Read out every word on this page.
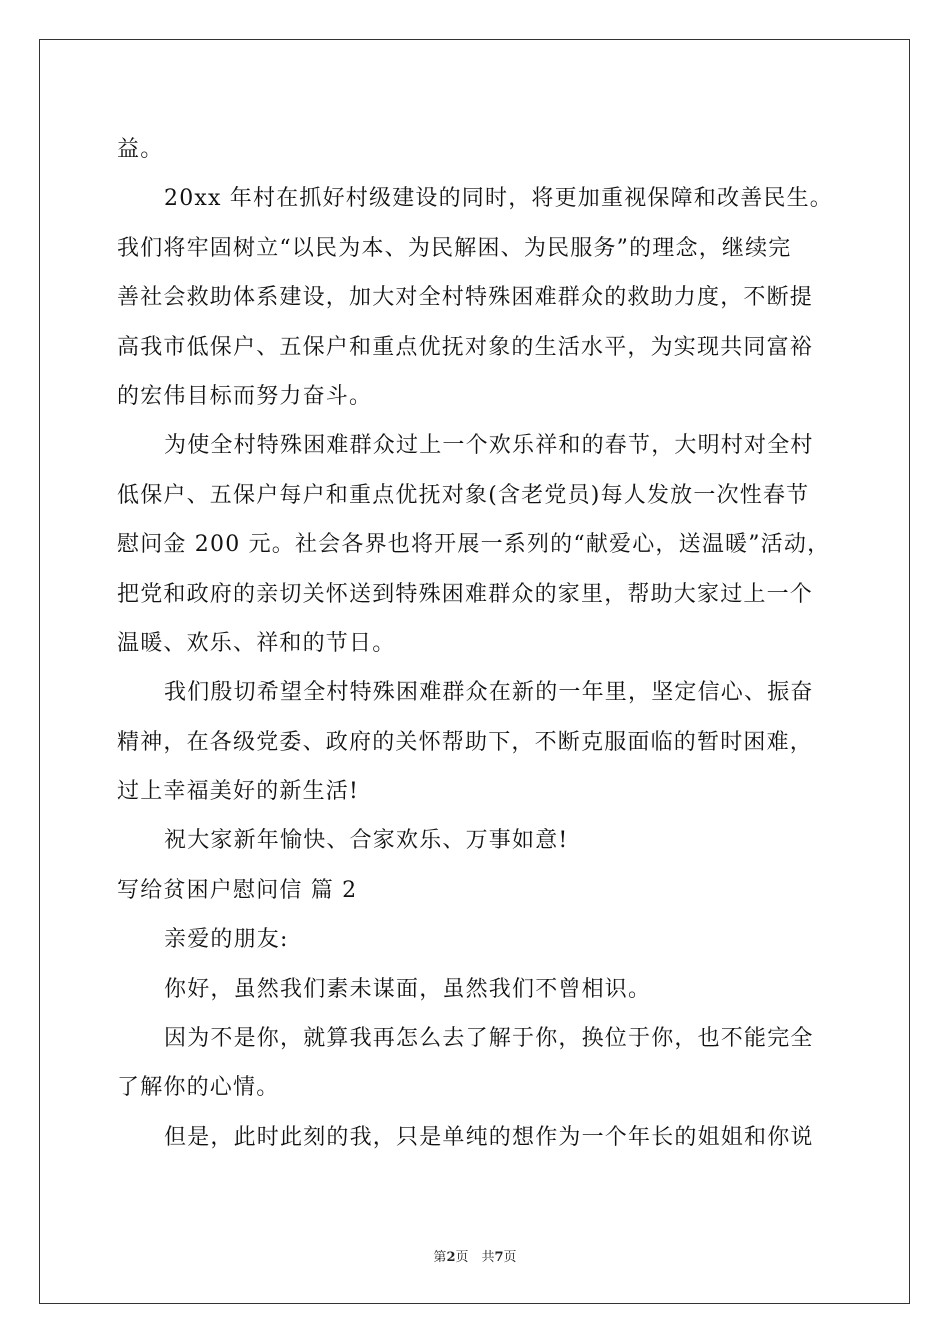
益。
20xx 年村在抓好村级建设的同时，将更加重视保障和改善民生。
我们将牢固树立“以民为本、为民解困、为民服务”的理念，继续完
善社会救助体系建设，加大对全村特殊困难群众的救助力度，不断提
高我市低保户、五保户和重点优抚对象的生活水平，为实现共同富裕
的宏伟目标而努力奋斗。
为使全村特殊困难群众过上一个欢乐祥和的春节，大明村对全村
低保户、五保户每户和重点优抚对象(含老党员)每人发放一次性春节
慰问金 200 元。社会各界也将开展一系列的“献爱心，送温暖”活动，
把党和政府的亲切关怀送到特殊困难群众的家里，帮助大家过上一个
温暖、欢乐、祥和的节日。
我们殷切希望全村特殊困难群众在新的一年里，坚定信心、振奋
精神，在各级党委、政府的关怀帮助下，不断克服面临的暂时困难，
过上幸福美好的新生活!
祝大家新年愉快、合家欢乐、万事如意!
写给贫困户慰问信 篇 2
亲爱的朋友:
你好，虽然我们素未谋面，虽然我们不曾相识。
因为不是你，就算我再怎么去了解于你，换位于你，也不能完全
了解你的心情。
但是，此时此刻的我，只是单纯的想作为一个年长的姐姐和你说
第2页　共7页
